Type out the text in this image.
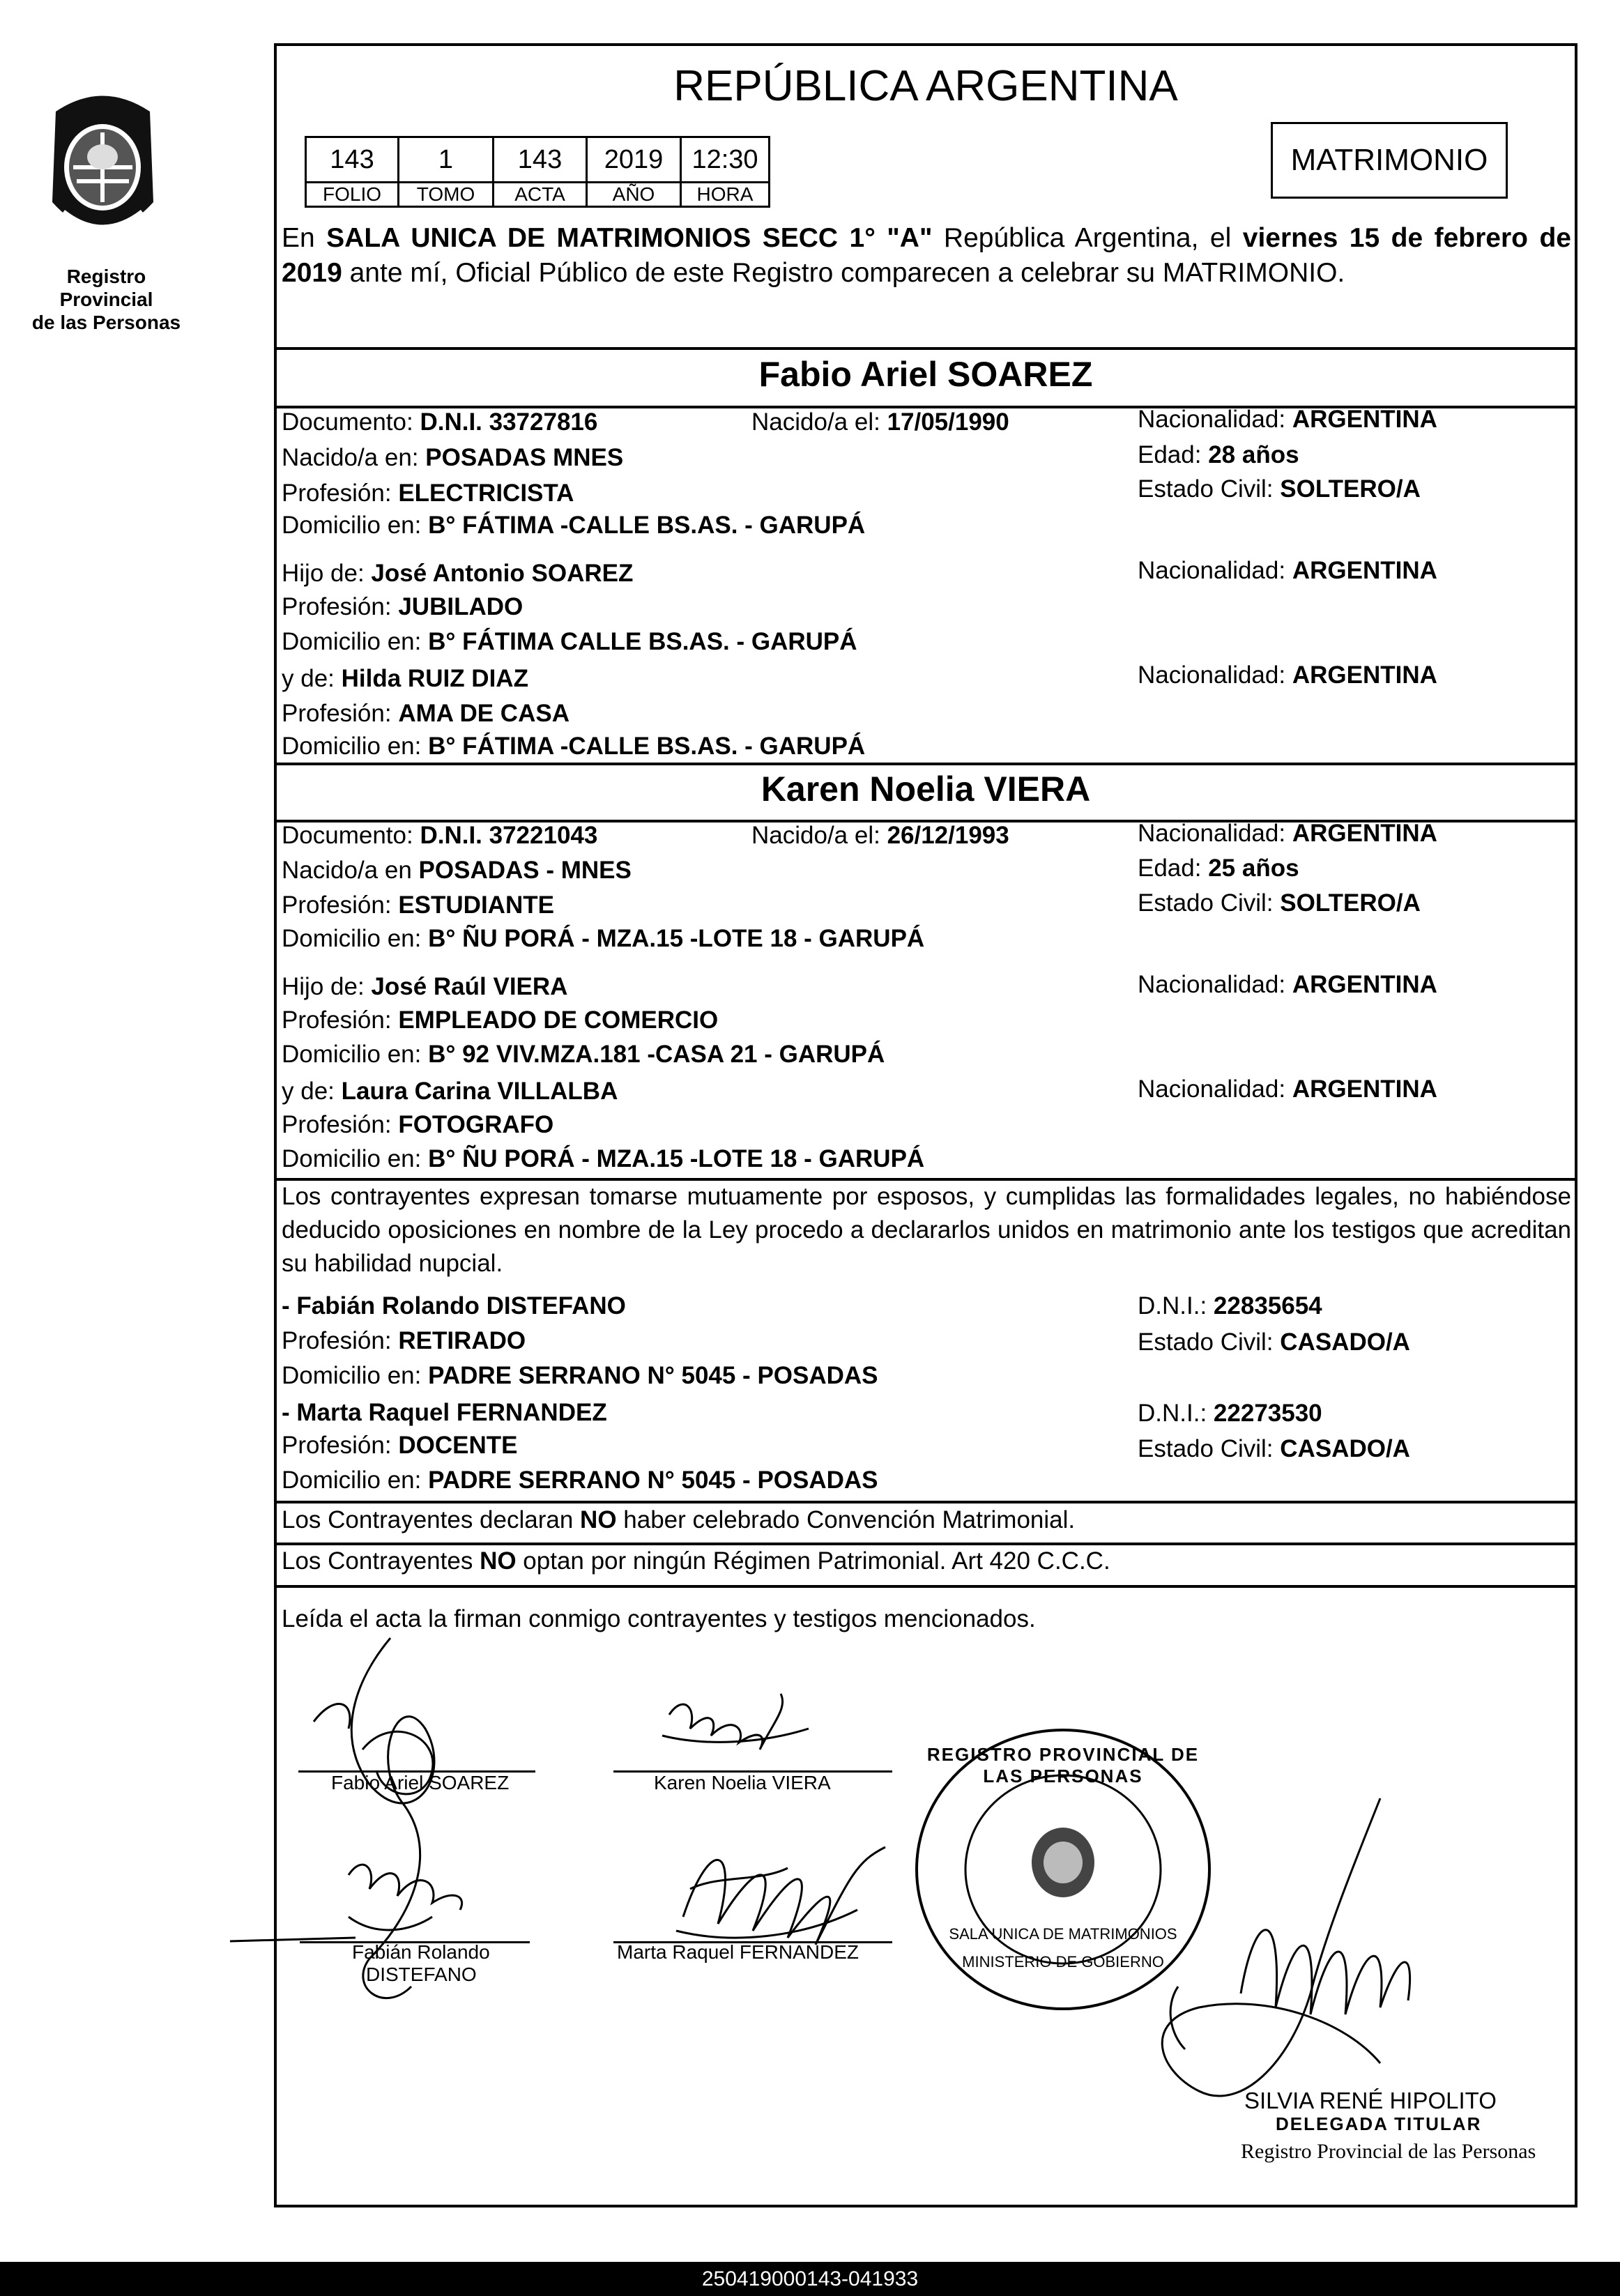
Registro Provincial
de las Personas
REPÚBLICA ARGENTINA
143	1	143	2019	12:30
FOLIO	TOMO	ACTA	AÑO	HORA
MATRIMONIO
En SALA UNICA DE MATRIMONIOS SECC 1° "A" República Argentina, el viernes 15 de febrero de 2019 ante mí, Oficial Público de este Registro comparecen a celebrar su MATRIMONIO.
Fabio Ariel SOAREZ
Documento: D.N.I. 33727816	Nacido/a el: 17/05/1990	Nacionalidad: ARGENTINA
Nacido/a en: POSADAS MNES	Edad: 28 años
Profesión: ELECTRICISTA	Estado Civil: SOLTERO/A
Domicilio en: B° FÁTIMA -CALLE BS.AS. - GARUPÁ
Hijo de: José Antonio SOAREZ	Nacionalidad: ARGENTINA
Profesión: JUBILADO
Domicilio en: B° FÁTIMA CALLE BS.AS. - GARUPÁ
y de: Hilda RUIZ DIAZ	Nacionalidad: ARGENTINA
Profesión: AMA DE CASA
Domicilio en: B° FÁTIMA -CALLE BS.AS. - GARUPÁ
Karen Noelia VIERA
Documento: D.N.I. 37221043	Nacido/a el: 26/12/1993	Nacionalidad: ARGENTINA
Nacido/a en POSADAS - MNES	Edad: 25 años
Profesión: ESTUDIANTE	Estado Civil: SOLTERO/A
Domicilio en: B° ÑU PORÁ - MZA.15 -LOTE 18 - GARUPÁ
Hijo de: José Raúl VIERA	Nacionalidad: ARGENTINA
Profesión: EMPLEADO DE COMERCIO
Domicilio en: B° 92 VIV.MZA.181 -CASA 21 - GARUPÁ
y de: Laura Carina VILLALBA	Nacionalidad: ARGENTINA
Profesión: FOTOGRAFO
Domicilio en: B° ÑU PORÁ - MZA.15 -LOTE 18 - GARUPÁ
Los contrayentes expresan tomarse mutuamente por esposos, y cumplidas las formalidades legales, no habiéndose deducido oposiciones en nombre de la Ley procedo a declararlos unidos en matrimonio ante los testigos que acreditan su habilidad nupcial.
- Fabián Rolando DISTEFANO	D.N.I.: 22835654
Profesión: RETIRADO	Estado Civil: CASADO/A
Domicilio en: PADRE SERRANO N° 5045 - POSADAS
- Marta Raquel FERNANDEZ	D.N.I.: 22273530
Profesión: DOCENTE	Estado Civil: CASADO/A
Domicilio en: PADRE SERRANO N° 5045 - POSADAS
Los Contrayentes declaran NO haber celebrado Convención Matrimonial.
Los Contrayentes NO optan por ningún Régimen Patrimonial. Art 420 C.C.C.
Leída el acta la firman conmigo contrayentes y testigos mencionados.
Fabio Ariel SOAREZ	Karen Noelia VIERA
Fabián Rolando
DISTEFANO
Marta Raquel FERNANDEZ
REGISTRO PROVINCIAL DE LAS PERSONAS
SALA UNICA DE MATRIMONIOS
MINISTERIO DE GOBIERNO
SILVIA RENÉ HIPOLITO
DELEGADA TITULAR
Registro Provincial de las Personas
250419000143-041933
